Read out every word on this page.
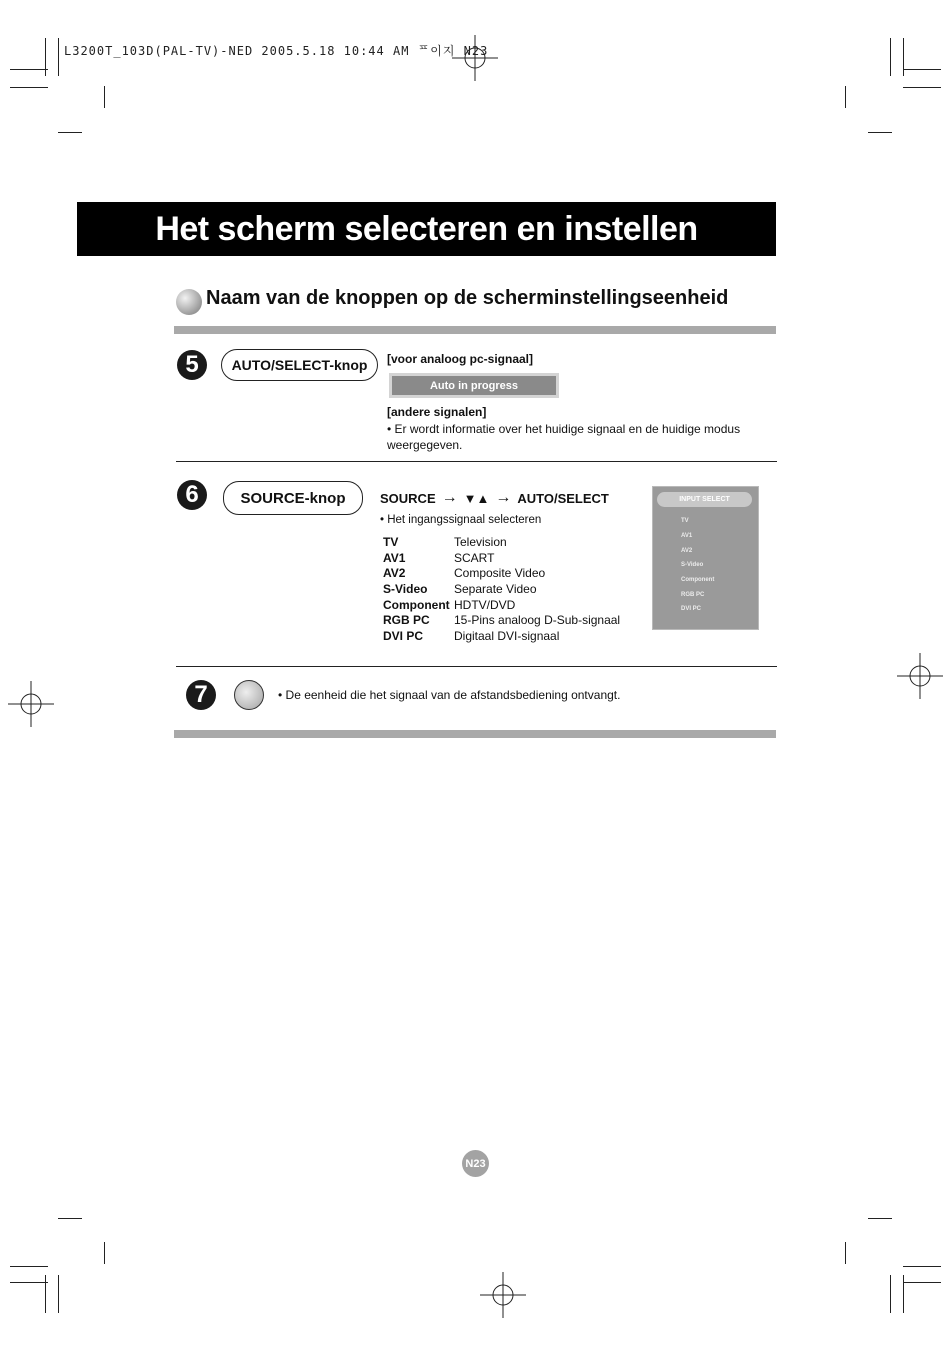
L3200T_103D(PAL-TV)-NED 2005.5.18 10:44 AM ᄑ이지 N23
Het scherm selecteren en instellen
Naam van de knoppen op de scherminstellingseenheid
5	AUTO/SELECT-knop	[voor analoog pc-signaal]
Auto in progress
[andere signalen]
• Er wordt informatie over het huidige signaal en de huidige modus weergegeven.
6	SOURCE-knop	SOURCE → ▼▲ → AUTO/SELECT
• Het ingangssignaal selecteren
TV	Television
AV1	SCART
AV2	Composite Video
S-Video	Separate Video
Component HDTV/DVD
RGB PC	15-Pins analoog D-Sub-signaal
DVI PC	Digitaal DVI-signaal
INPUT SELECT
TV
AV1
AV2
S-Video
Component
RGB PC
DVI PC
7	• De eenheid die het signaal van de afstandsbediening ontvangt.
N23
